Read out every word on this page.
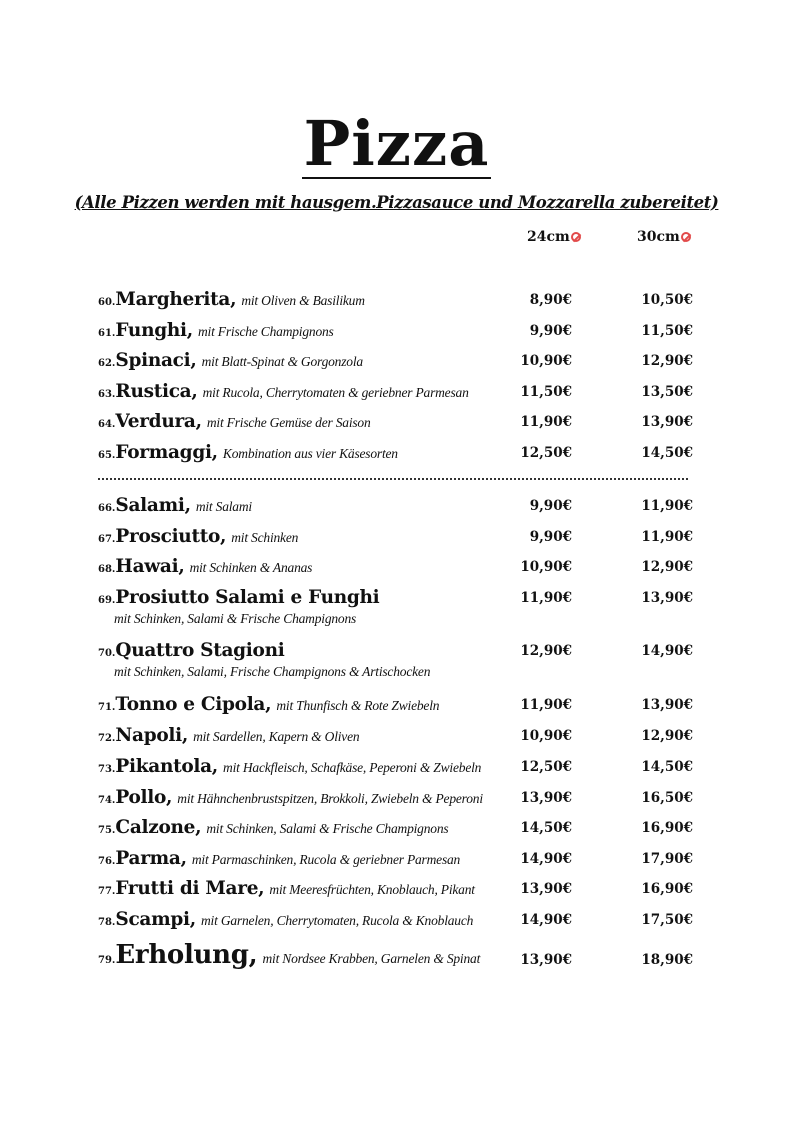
Pizza
(Alle Pizzen werden mit hausgem.Pizzasauce und Mozzarella zubereitet)
24cm	30cm
60.Margherita, mit Oliven & Basilikum	8,90€	10,50€
61.Funghi, mit Frische Champignons	9,90€	11,50€
62.Spinaci, mit Blatt-Spinat & Gorgonzola	10,90€	12,90€
63.Rustica, mit Rucola, Cherrytomaten & geriebner Parmesan	11,50€	13,50€
64.Verdura, mit Frische Gemüse der Saison	11,90€	13,90€
65.Formaggi, Kombination aus vier Käsesorten	12,50€	14,50€
66.Salami, mit Salami	9,90€	11,90€
67.Prosciutto, mit Schinken	9,90€	11,90€
68.Hawai, mit Schinken & Ananas	10,90€	12,90€
69.Prosiutto Salami e Funghi	11,90€	13,90€
mit Schinken, Salami & Frische Champignons
70.Quattro Stagioni	12,90€	14,90€
mit Schinken, Salami, Frische Champignons & Artischocken
71.Tonno e Cipola, mit Thunfisch & Rote Zwiebeln	11,90€	13,90€
72.Napoli, mit Sardellen, Kapern & Oliven	10,90€	12,90€
73.Pikantola, mit Hackfleisch, Schafkäse, Peperoni & Zwiebeln	12,50€	14,50€
74.Pollo, mit Hähnchenbrustspitzen, Brokkoli, Zwiebeln & Peperoni	13,90€	16,50€
75.Calzone, mit Schinken, Salami & Frische Champignons	14,50€	16,90€
76.Parma, mit Parmaschinken, Rucola & geriebner Parmesan	14,90€	17,90€
77.Frutti di Mare, mit Meeresfrüchten, Knoblauch, Pikant	13,90€	16,90€
78.Scampi, mit Garnelen, Cherrytomaten, Rucola & Knoblauch	14,90€	17,50€
79.Erholung, mit Nordsee Krabben, Garnelen & Spinat	13,90€	18,90€
